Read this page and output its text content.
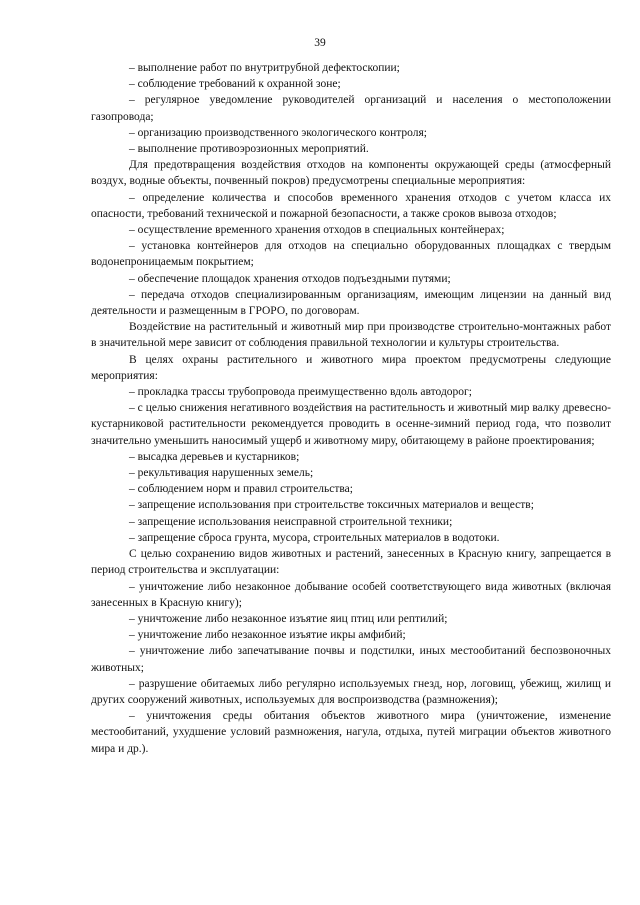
39

– выполнение работ по внутритрубной дефектоскопии;

– соблюдение требований к охранной зоне;

– регулярное уведомление руководителей организаций и населения о местоположении газопровода;

– организацию производственного экологического контроля;

– выполнение противоэрозионных мероприятий.

Для предотвращения воздействия отходов на компоненты окружающей среды (атмосферный воздух, водные объекты, почвенный покров) предусмотрены специальные мероприятия:

– определение количества и способов временного хранения отходов с учетом класса их опасности, требований технической и пожарной безопасности, а также сроков вывоза отходов;

– осуществление временного хранения отходов в специальных контейнерах;

– установка контейнеров для отходов на специально оборудованных площадках с твердым водонепроницаемым покрытием;

– обеспечение площадок хранения отходов подъездными путями;

– передача отходов специализированным организациям, имеющим лицензии на данный вид деятельности и размещенным в ГРОРО, по договорам.

Воздействие на растительный и животный мир при производстве строительно-монтажных работ в значительной мере зависит от соблюдения правильной технологии и культуры строительства.

В целях охраны растительного и животного мира проектом предусмотрены следующие мероприятия:

– прокладка трассы трубопровода преимущественно вдоль автодорог;

– с целью снижения негативного воздействия на растительность и животный мир валку древесно-кустарниковой растительности рекомендуется проводить в осенне-зимний период года, что позволит значительно уменьшить наносимый ущерб и животному миру, обитающему в районе проектирования;

– высадка деревьев и кустарников;

– рекультивация нарушенных земель;

– соблюдением норм и правил строительства;

– запрещение использования при строительстве токсичных материалов и веществ;

– запрещение использования неисправной строительной техники;

– запрещение сброса грунта, мусора, строительных материалов в водотоки.

С целью сохранению видов животных и растений, занесенных в Красную книгу, запрещается в период строительства и эксплуатации:

– уничтожение либо незаконное добывание особей соответствующего вида животных (включая занесенных в Красную книгу);

– уничтожение либо незаконное изъятие яиц птиц или рептилий;

– уничтожение либо незаконное изъятие икры амфибий;

– уничтожение либо запечатывание почвы и подстилки, иных местообитаний беспозвоночных животных;

– разрушение обитаемых либо регулярно используемых гнезд, нор, логовищ, убежищ, жилищ и других сооружений животных, используемых для воспроизводства (размножения);

– уничтожения среды обитания объектов животного мира (уничтожение, изменение местообитаний, ухудшение условий размножения, нагула, отдыха, путей миграции объектов животного мира и др.).
